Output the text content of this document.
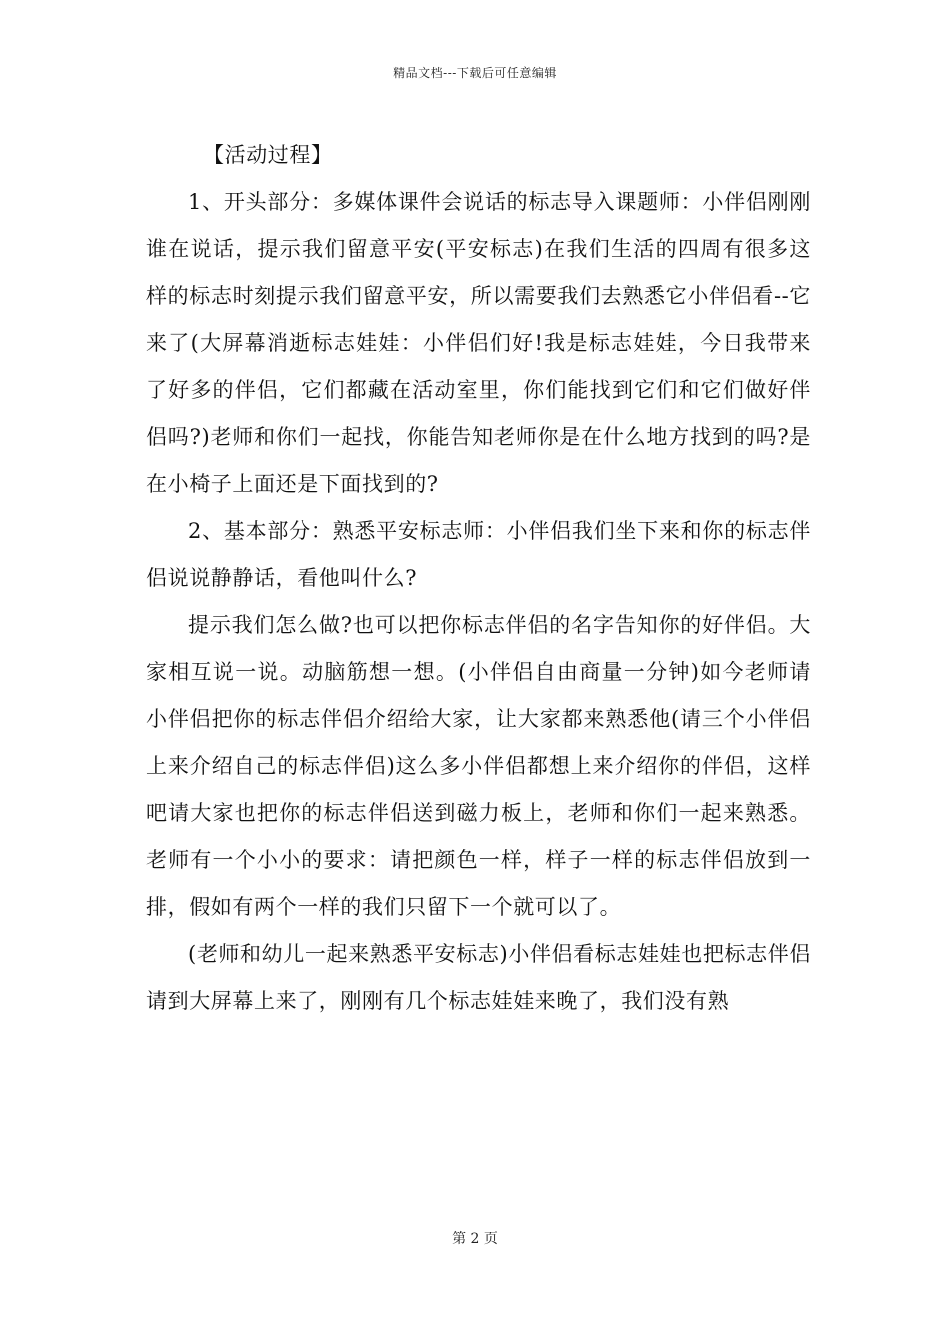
精品文档---下载后可任意编辑

【活动过程】

1、开头部分：多媒体课件会说话的标志导入课题师：小伴侣刚刚谁在说话，提示我们留意平安(平安标志)在我们生活的四周有很多这样的标志时刻提示我们留意平安，所以需要我们去熟悉它小伴侣看--它来了(大屏幕消逝标志娃娃：小伴侣们好!我是标志娃娃，今日我带来了好多的伴侣，它们都藏在活动室里，你们能找到它们和它们做好伴侣吗?)老师和你们一起找，你能告知老师你是在什么地方找到的吗?是在小椅子上面还是下面找到的?

2、基本部分：熟悉平安标志师：小伴侣我们坐下来和你的标志伴侣说说静静话，看他叫什么?

提示我们怎么做?也可以把你标志伴侣的名字告知你的好伴侣。大家相互说一说。动脑筋想一想。(小伴侣自由商量一分钟)如今老师请小伴侣把你的标志伴侣介绍给大家，让大家都来熟悉他(请三个小伴侣上来介绍自己的标志伴侣)这么多小伴侣都想上来介绍你的伴侣，这样吧请大家也把你的标志伴侣送到磁力板上，老师和你们一起来熟悉。老师有一个小小的要求：请把颜色一样，样子一样的标志伴侣放到一排，假如有两个一样的我们只留下一个就可以了。

(老师和幼儿一起来熟悉平安标志)小伴侣看标志娃娃也把标志伴侣请到大屏幕上来了，刚刚有几个标志娃娃来晚了，我们没有熟

第 2 页
